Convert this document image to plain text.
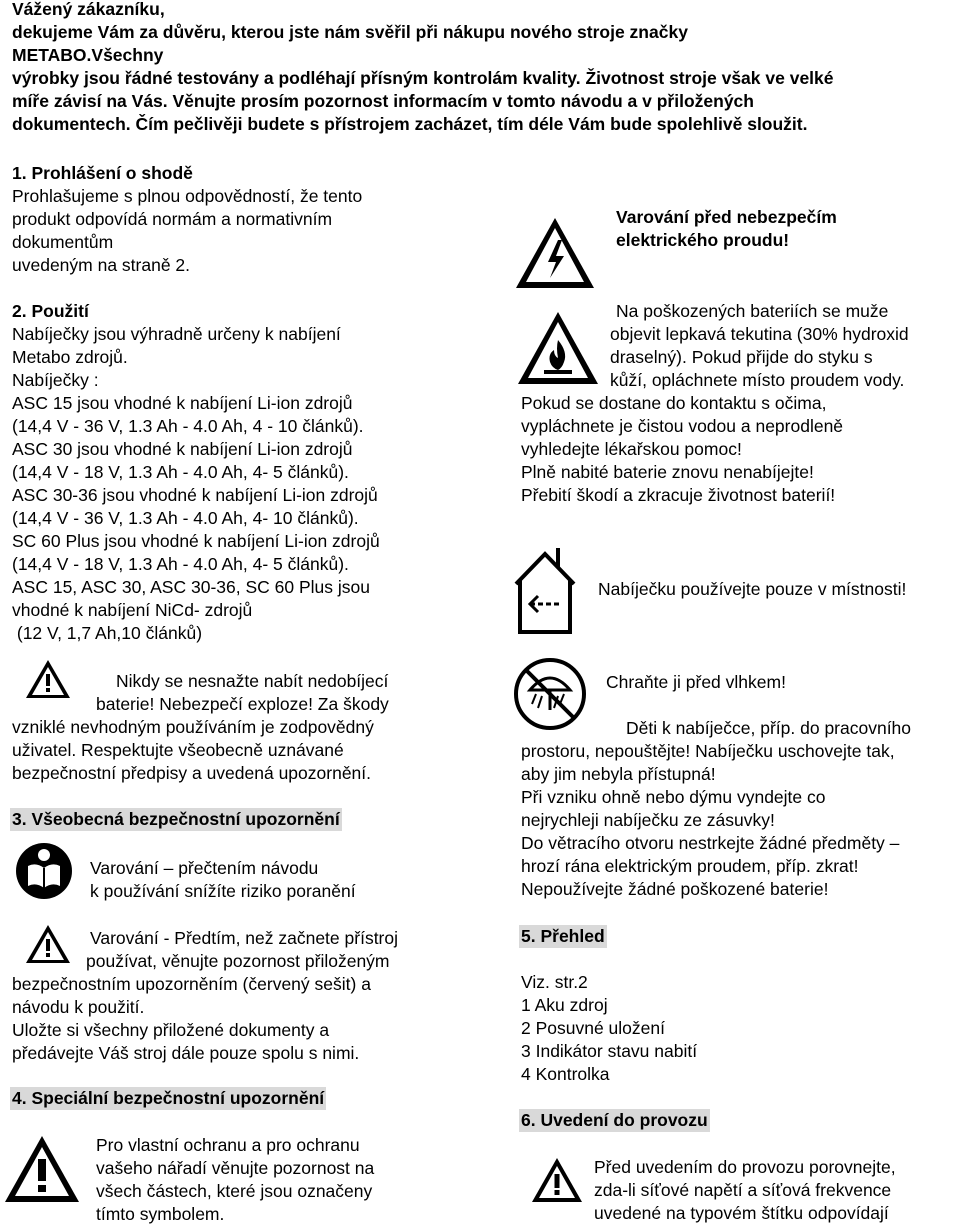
Vážený zákazníku,
dekujeme Vám za důvěru, kterou jste nám svěřil při nákupu nového stroje značky
METABO.Všechny
výrobky jsou řádné testovány a podléhají přísným kontrolám kvality. Životnost stroje však ve velké
míře závisí na Vás. Věnujte prosím pozornost informacím v tomto návodu a v přiložených
dokumentech. Čím pečlivěji budete s přístrojem zacházet, tím déle Vám bude spolehlivě sloužit.
1. Prohlášení o shodě
Prohlašujeme s plnou odpovědností, že tento
produkt odpovídá normám a normativním
dokumentům
uvedeným na straně 2.
2. Použití
Nabíječky jsou výhradně určeny k nabíjení
Metabo zdrojů.
Nabíječky :
ASC 15 jsou vhodné k nabíjení Li-ion zdrojů
(14,4 V - 36 V, 1.3 Ah - 4.0 Ah, 4 - 10 článků).
ASC 30 jsou vhodné k nabíjení Li-ion zdrojů
(14,4 V - 18 V, 1.3 Ah - 4.0 Ah, 4- 5 článků).
ASC 30-36 jsou vhodné k nabíjení Li-ion zdrojů
(14,4 V - 36 V, 1.3 Ah - 4.0 Ah, 4- 10 článků).
SC 60 Plus jsou vhodné k nabíjení Li-ion zdrojů
(14,4 V - 18 V, 1.3 Ah - 4.0 Ah, 4- 5 článků).
ASC 15, ASC 30, ASC 30-36, SC 60 Plus jsou
vhodné k nabíjení NiCd- zdrojů
(12 V, 1,7 Ah,10 článků)
Nikdy se nesnažte nabít nedobíjecí
baterie! Nebezpečí exploze! Za škody
vzniklé nevhodným používáním je zodpovědný
uživatel. Respektujte všeobecně uznávané
bezpečnostní předpisy a uvedená upozornění.
3. Všeobecná bezpečnostní upozornění
Varování – přečtením návodu
k používání snížíte riziko poranění
Varování - Předtím, než začnete přístroj
používat, věnujte pozornost přiloženým
bezpečnostním upozorněním (červený sešit) a
návodu k použití.
Uložte si všechny přiložené dokumenty a
předávejte Váš stroj dále pouze spolu s nimi.
4. Speciální bezpečnostní upozornění
Pro vlastní ochranu a pro ochranu
vašeho nářadí věnujte pozornost na
všech částech, které jsou označeny
tímto symbolem.
Varování před nebezpečím
elektrického proudu!
Na poškozených bateriích se muže
objevit lepkavá tekutina (30% hydroxid
draselný). Pokud přijde do styku s
kůží, opláchnete místo proudem vody.
Pokud se dostane do kontaktu s očima,
vypláchnete je čistou vodou a neprodleně
vyhledejte lékařskou pomoc!
Plně nabité baterie znovu nenabíjejte!
Přebití škodí a zkracuje životnost baterií!
Nabíječku používejte pouze v místnosti!
Chraňte ji před vlhkem!
Děti k nabíječce, příp. do pracovního
prostoru, nepouštějte! Nabíječku uschovejte tak,
aby jim nebyla přístupná!
Při vzniku ohně nebo dýmu vyndejte co
nejrychleji nabíječku ze zásuvky!
Do větracího otvoru nestrkejte žádné předměty –
hrozí rána elektrickým proudem, příp. zkrat!
Nepoužívejte žádné poškozené baterie!
5. Přehled
Viz. str.2
1 Aku zdroj
2 Posuvné uložení
3 Indikátor stavu nabití
4 Kontrolka
6. Uvedení do provozu
Před uvedením do provozu porovnejte,
zda-li síťové napětí a síťová frekvence
uvedené na typovém štítku odpovídají
